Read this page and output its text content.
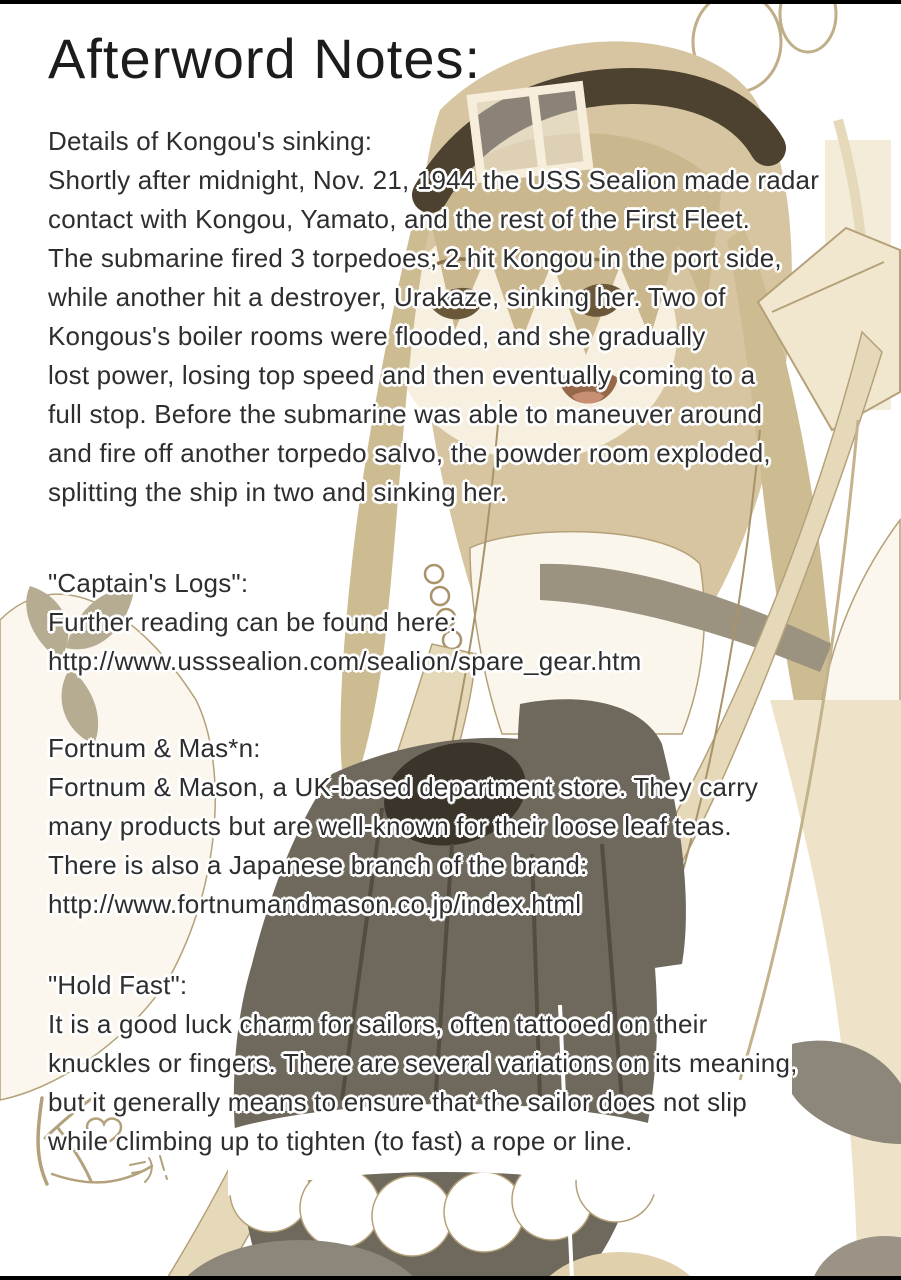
Afterword Notes:
Details of Kongou's sinking:
Shortly after midnight, Nov. 21, 1944 the USS Sealion made radar
contact with Kongou, Yamato, and the rest of the First Fleet.
The submarine fired 3 torpedoes; 2 hit Kongou in the port side,
while another hit a destroyer, Urakaze, sinking her. Two of
Kongous's boiler rooms were flooded, and she gradually
lost power, losing top speed and then eventually coming to a
full stop. Before the submarine was able to maneuver around
and fire off another torpedo salvo, the powder room exploded,
splitting the ship in two and sinking her.
"Captain's Logs":
Further reading can be found here:
http://www.usssealion.com/sealion/spare_gear.htm
Fortnum & Mas*n:
Fortnum & Mason, a UK-based department store. They carry
many products but are well-known for their loose leaf teas.
There is also a Japanese branch of the brand:
http://www.fortnumandmason.co.jp/index.html
"Hold Fast":
It is a good luck charm for sailors, often tattooed on their
knuckles or fingers. There are several variations on its meaning,
but it generally means to ensure that the sailor does not slip
while climbing up to tighten (to fast) a rope or line.
